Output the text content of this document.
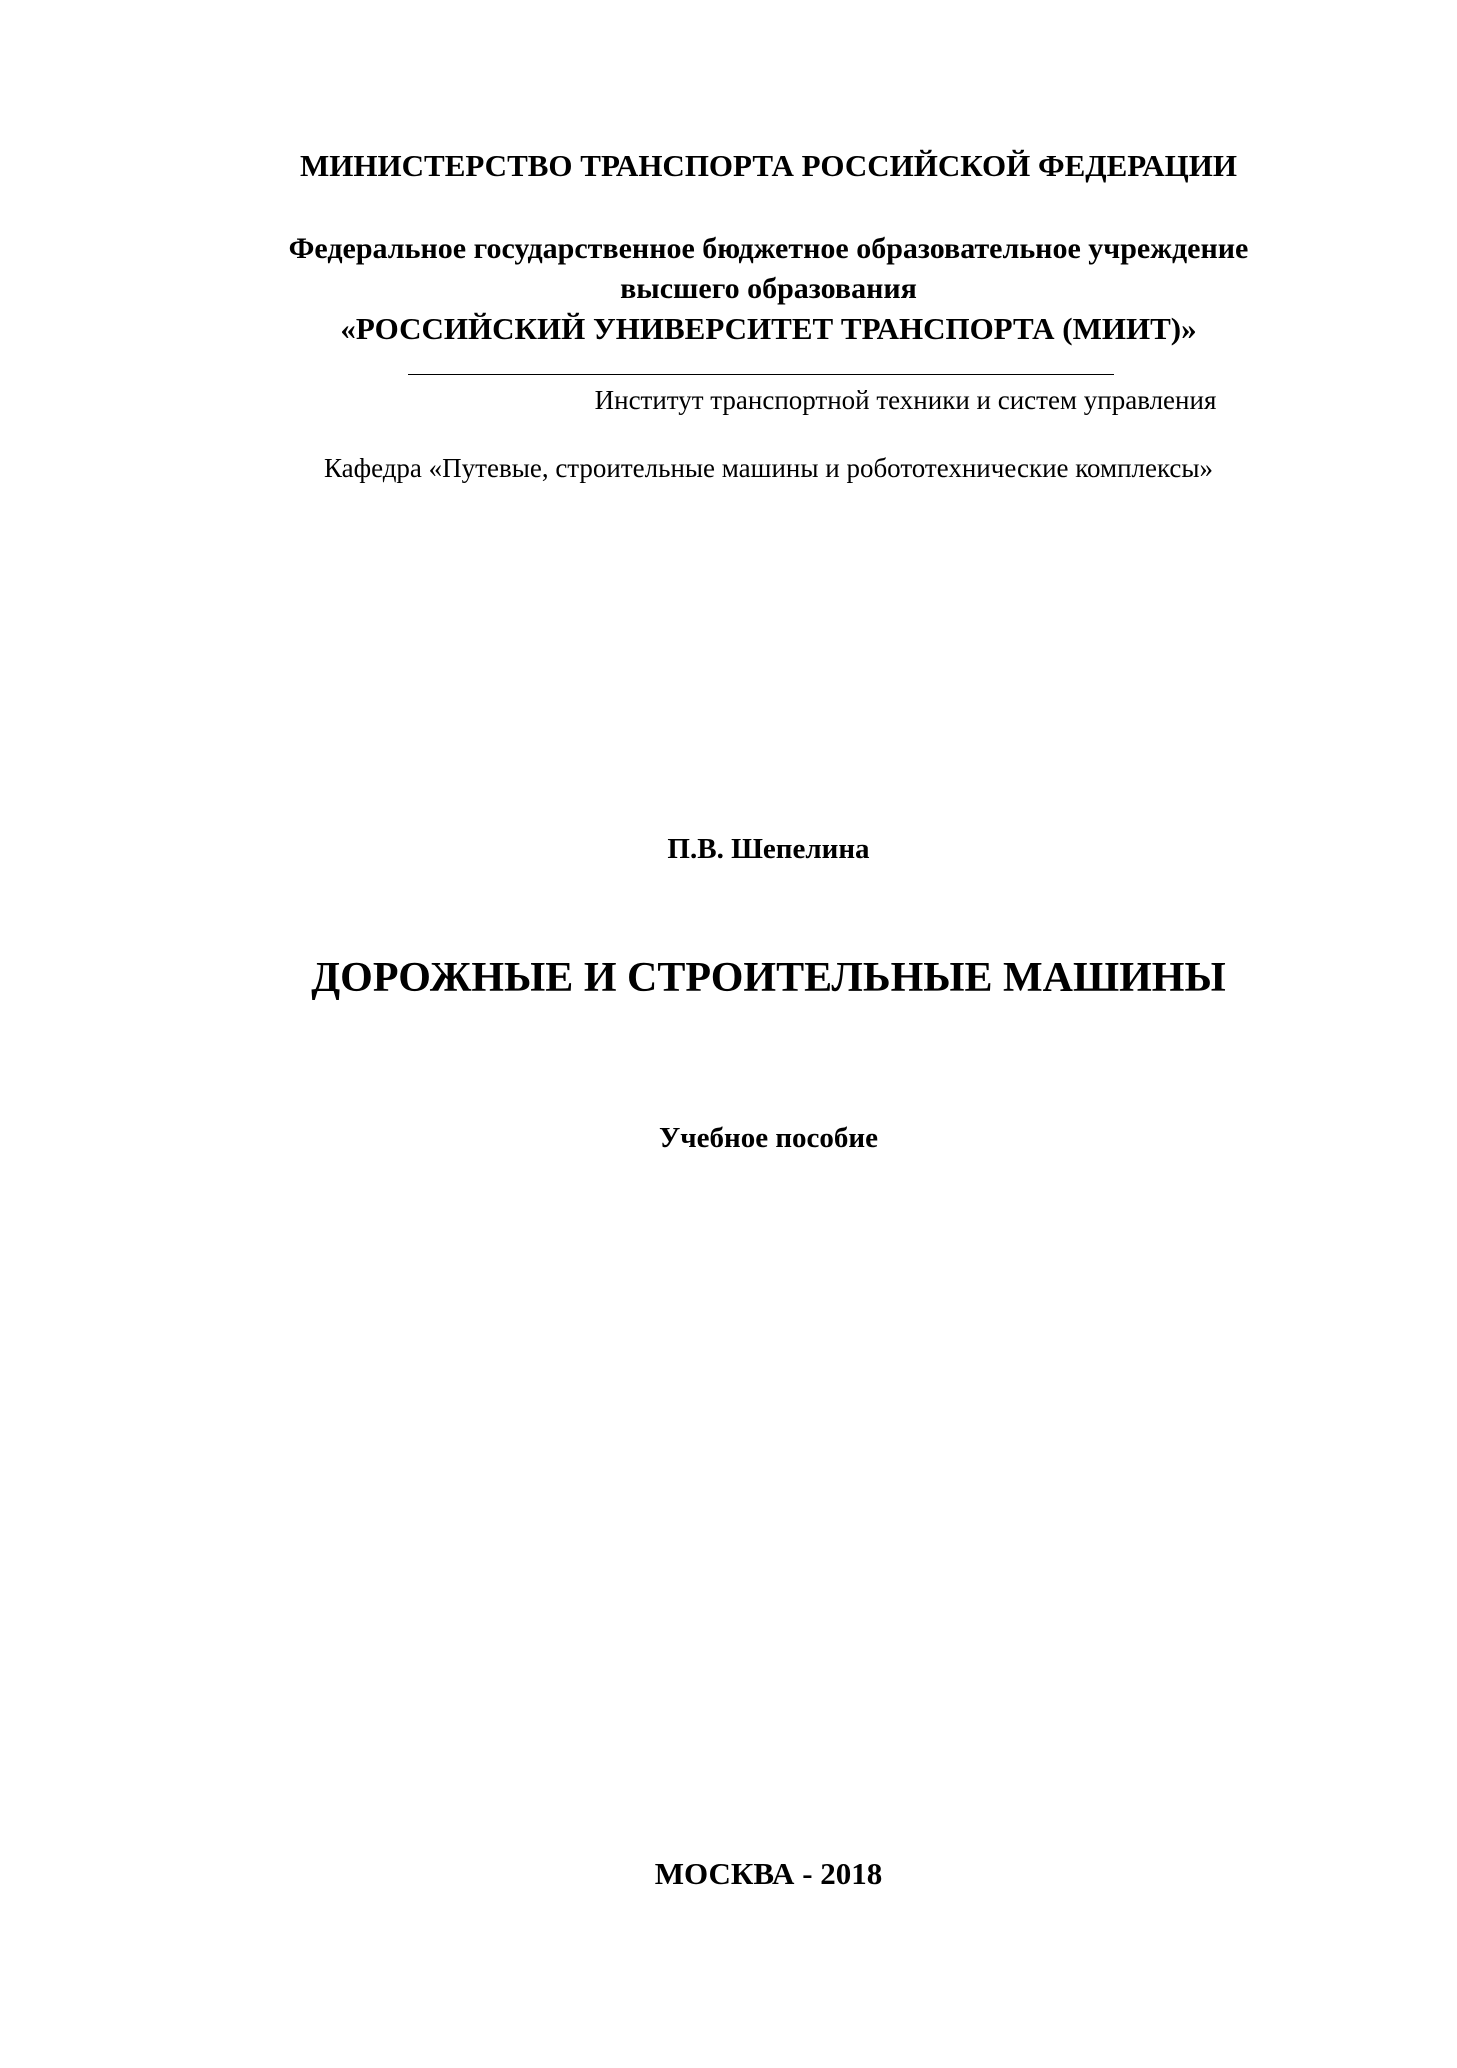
МИНИСТЕРСТВО ТРАНСПОРТА РОССИЙСКОЙ ФЕДЕРАЦИИ
Федеральное государственное бюджетное образовательное учреждение
высшего образования
«РОССИЙСКИЙ УНИВЕРСИТЕТ ТРАНСПОРТА (МИИТ)»
Институт транспортной техники и систем управления
Кафедра «Путевые, строительные машины и робототехнические комплексы»
П.В. Шепелина
ДОРОЖНЫЕ И СТРОИТЕЛЬНЫЕ МАШИНЫ
Учебное пособие
МОСКВА - 2018
